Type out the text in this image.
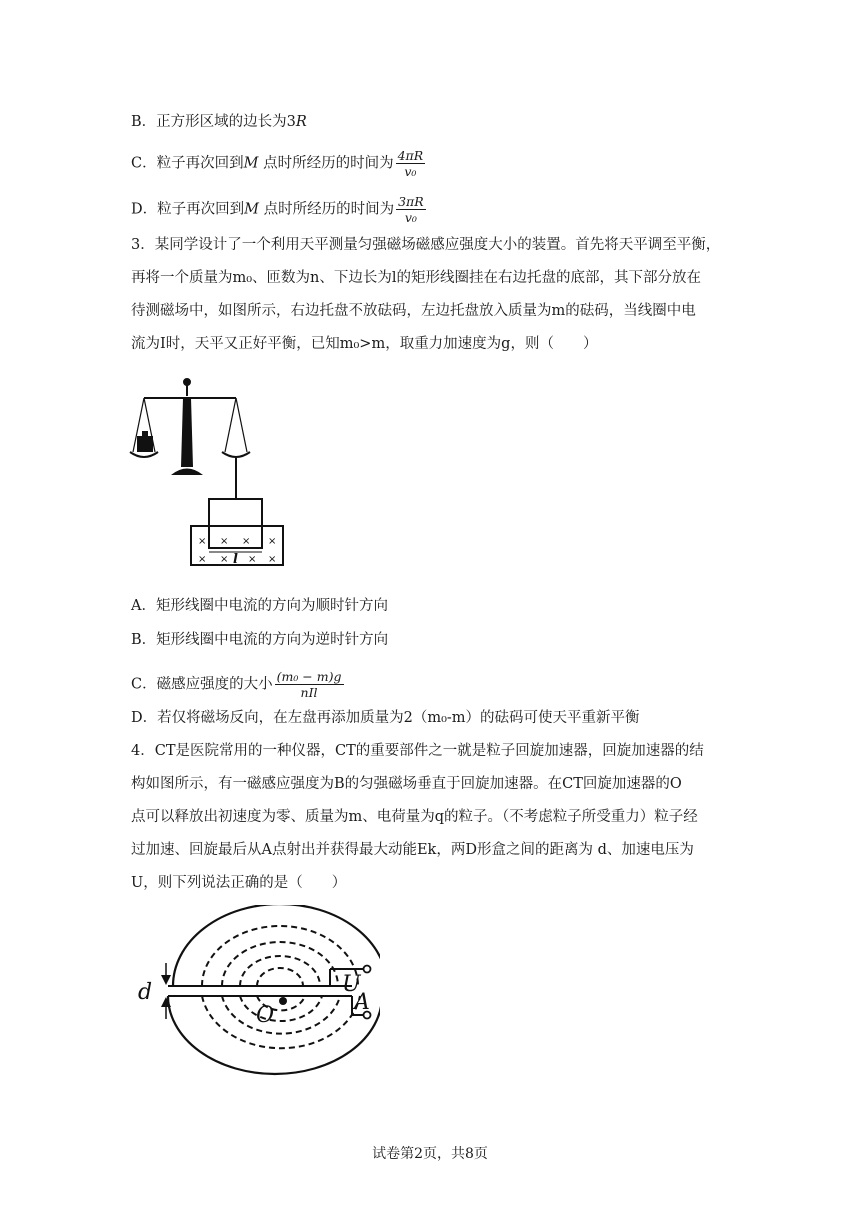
B．正方形区域的边长为3R
C．粒子再次回到M 点时所经历的时间为 $\frac{4\pi R}{\text{v₀}}$
D．粒子再次回到M 点时所经历的时间为 $\frac{3\pi R}{\text{v₀}}$
3．某同学设计了一个利用天平测量匀强磁场磁感应强度大小的装置。首先将天平调至平衡，
再将一个质量为m₀、匝数为n、下边长为l的矩形线圈挂在右边托盘的底部，其下部分放在
待测磁场中，如图所示，右边托盘不放砝码，左边托盘放入质量为m的砝码，当线圈中电
流为I时，天平又正好平衡，已知m₀>m，取重力加速度为g，则（　　）
× × × ×
× × × ×
l
A．矩形线圈中电流的方向为顺时针方向
B．矩形线圈中电流的方向为逆时针方向
C．磁感应强度的大小 $\frac{\text{(m₀ − m)g}}{\text{nIl}}$
D．若仅将磁场反向，在左盘再添加质量为2（m₀-m）的砝码可使天平重新平衡
4．CT是医院常用的一种仪器，CT的重要部件之一就是粒子回旋加速器，回旋加速器的结
构如图所示，有一磁感应强度为B的匀强磁场垂直于回旋加速器。在CT回旋加速器的O
点可以释放出初速度为零、质量为m、电荷量为q的粒子。（不考虑粒子所受重力）粒子经
过加速、回旋最后从A点射出并获得最大动能Ek，两D形盒之间的距离为 d、加速电压为
U，则下列说法正确的是（　　）
d	U
A
O
试卷第2页，共8页
